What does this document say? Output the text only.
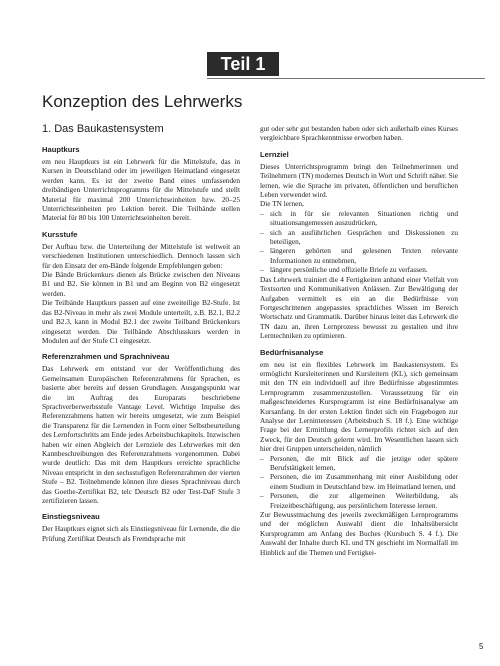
Teil 1
Konzeption des Lehrwerks
1. Das Baukastensystem
Hauptkurs

em neu Hauptkurs ist ein Lehrwerk für die Mittelstufe, das in Kursen in Deutschland oder im jeweiligen Heimatland eingesetzt werden kann. Es ist der zweite Band eines umfassenden dreibändigen Unterrichtsprogramms für die Mittelstufe und stellt Material für maximal 200 Unterrichtseinheiten bzw. 20–25 Unterrichtseinheiten pro Lektion bereit. Die Teilbände stellen Material für 80 bis 100 Unterrichtseinheiten bereit.

Kursstufe

Der Aufbau bzw. die Unterteilung der Mittelstufe ist weltweit an verschiedenen Institutionen unterschiedlich. Dennoch lassen sich für den Einsatz der em-Bände folgende Empfehlungen geben:

Die Bände Brückenkurs dienen als Brücke zwischen den Niveaus B1 und B2. Sie können in B1 und am Beginn von B2 eingesetzt werden.

Die Teilbände Hauptkurs passen auf eine zweiteilige B2-Stufe. Ist das B2-Niveau in mehr als zwei Module unterteilt, z.B. B2.1, B2.2 und B2.3, kann in Modul B2.1 der zweite Teilband Brückenkurs eingesetzt werden. Die Teilbände Abschlusskurs werden in Modulen auf der Stufe C1 eingesetzt.

Referenzrahmen und Sprachniveau

Das Lehrwerk em entstand vor der Veröffentlichung des Gemeinsamen Europäischen Referenzrahmens für Sprachen, es basierte aber bereits auf dessen Grundlagen. Ausgangspunkt war die im Auftrag des Europarats beschriebene Sprachverberwerbsstufe Vantage Level. Wichtige Impulse des Referenzrahmens hatten wir bereits umgesetzt, wie zum Beispiel die Transparenz für die Lernenden in Form einer Selbstbeurteilung des Lernfortschritts am Ende jedes Arbeitsbuchkapitels. Inzwischen haben wir einen Abgleich der Lernziele des Lehrwerkes mit den Kannbeschreibungen des Referenzrahmens vorgenommen. Dabei wurde deutlich: Das mit dem Hauptkurs erreichte sprachliche Niveau entspricht in den sechsstufigen Referenzrahmen der vierten Stufe – B2. Teilnehmende können ihre dieses Sprachniveau durch das Goethe-Zertifikat B2, telc Deutsch B2 oder Test-DaF Stufe 3 zertifizieren lassen.

Einstiegsniveau

Der Hauptkurs eignet sich als Einstiegsniveau für Lernende, die die Prüfung Zertifikat Deutsch als Fremdsprache mit

gut oder sehr gut bestanden haben oder sich außerhalb eines Kurses vergleichbare Sprachkenntnisse erworben haben.

Lernziel

Dieses Unterrichtsprogramm bringt den Teilnehmerinnen und Teilnehmern (TN) modernes Deutsch in Wort und Schrift näher. Sie lernen, wie die Sprache im privaten, öffentlichen und beruflichen Leben verwendet wird.

Die TN lernen,

– sich in für sie relevanten Situationen richtig und situationsangemessen auszudrücken,
– sich an ausführlichen Gesprächen und Diskussionen zu beteiligen,
– längeren gehörten und gelesenen Texten relevante Informationen zu entnehmen,
– längere persönliche und offizielle Briefe zu verfassen.

Das Lehrwerk trainiert die 4 Fertigkeiten anhand einer Vielfalt von Textsorten und Kommunikativen Anlässen. Zur Bewältigung der Aufgaben vermittelt es ein an die Bedürfnisse von Fortgeschrittenen angepasstes sprachliches Wissen im Bereich Wortschatz und Grammatik. Darüber hinaus leitet das Lehrwerk die TN dazu an, ihren Lernprozess bewusst zu gestalten und ihre Lerntechniken zu optimieren.

Bedürfnisanalyse

em neu ist ein flexibles Lehrwerk im Baukastensystem. Es ermöglicht Kursleiterinnen und Kursleitern (KL), sich gemeinsam mit den TN ein individuell auf ihre Bedürfnisse abgestimmtes Lernprogramm zusammenzustellen. Voraussetzung für ein maßgeschneidertes Kursprogramm ist eine Bedürfnisanalyse am Kursanfang. In der ersten Lektion findet sich ein Fragebogen zur Analyse der Lerninteressen (Arbeitsbuch S. 18 f.). Eine wichtige Frage bei der Ermittlung des Lernerprofils richtet sich auf den Zweck, für den Deutsch gelernt wird. Im Wesentlichen lassen sich hier drei Gruppen unterscheiden, nämlich

– Personen, die mit Blick auf die jetzige oder spätere Berufstätigkeit lernen,
– Personen, die im Zusammenhang mit einer Ausbildung oder einem Studium in Deutschland bzw. im Heimatland lernen, und
– Personen, die zur allgemeinen Weiterbildung, als Freizeitbeschäftigung, aus persönlichem Interesse lernen.

Zur Bewusstmachung des jeweils zweckmäßigen Lernprogramms und der möglichen Auswahl dient die Inhaltsübersicht Kursprogramm am Anfang des Buches (Kursbuch S. 4 f.). Die Auswahl der Inhalte durch KL und TN geschieht im Normalfall im Hinblick auf die Themen und Fertigkei-

5
